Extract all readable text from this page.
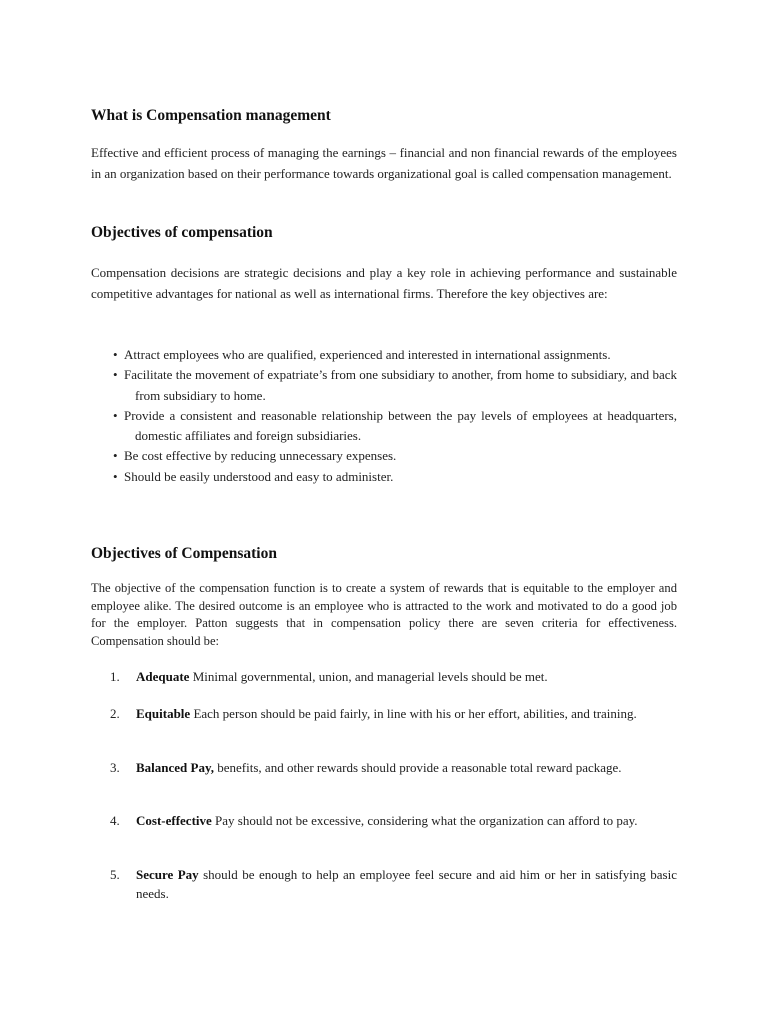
What is Compensation management

Effective and efficient process of managing the earnings – financial and non financial rewards of the employees in an organization based on their performance towards organizational goal is called compensation management.

Objectives of compensation

Compensation decisions are strategic decisions and play a key role in achieving performance and sustainable competitive advantages for national as well as international firms. Therefore the key objectives are:

• Attract employees who are qualified, experienced and interested in international assignments.
• Facilitate the movement of expatriate’s from one subsidiary to another, from home to subsidiary, and back from subsidiary to home.
• Provide a consistent and reasonable relationship between the pay levels of employees at headquarters, domestic affiliates and foreign subsidiaries.
• Be cost effective by reducing unnecessary expenses.
• Should be easily understood and easy to administer.
Objectives of Compensation

The objective of the compensation function is to create a system of rewards that is equitable to the employer and employee alike. The desired outcome is an employee who is attracted to the work and motivated to do a good job for the employer. Patton suggests that in compensation policy there are seven criteria for effectiveness. Compensation should be:

1. Adequate Minimal governmental, union, and managerial levels should be met.
2. Equitable Each person should be paid fairly, in line with his or her effort, abilities, and training.
3. Balanced Pay, benefits, and other rewards should provide a reasonable total reward package.
4. Cost-effective Pay should not be excessive, considering what the organization can afford to pay.
5. Secure Pay should be enough to help an employee feel secure and aid him or her in satisfying basic needs.
